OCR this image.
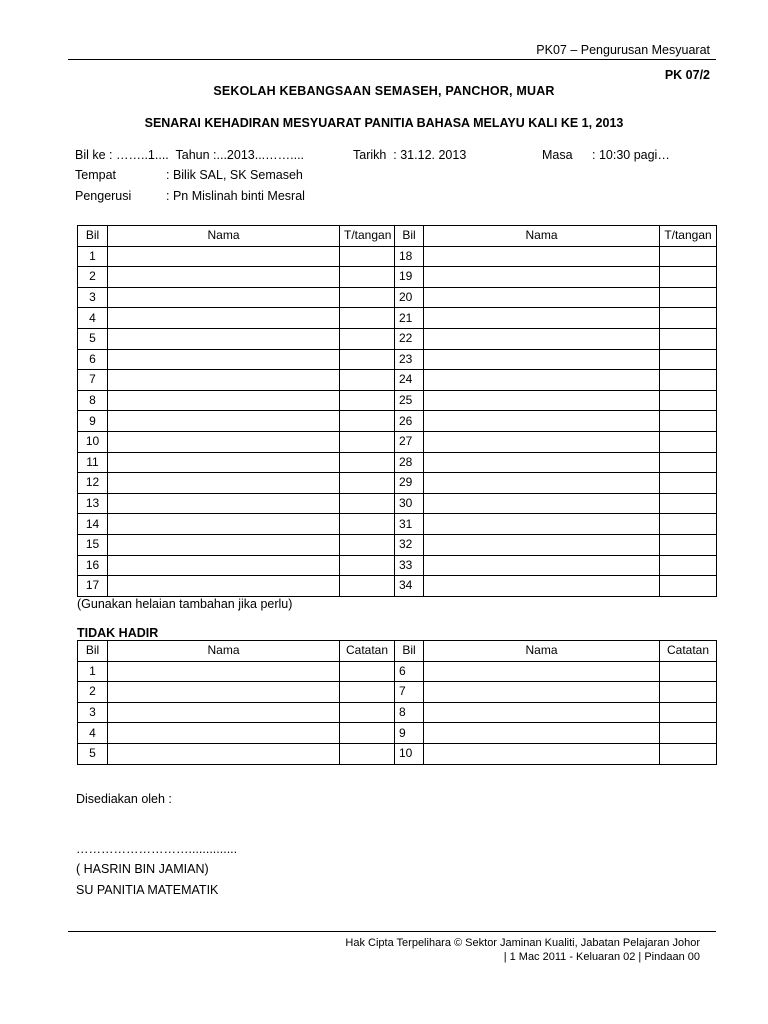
PK07 – Pengurusan Mesyuarat
PK 07/2
SEKOLAH KEBANGSAAN SEMASEH, PANCHOR, MUAR
SENARAI KEHADIRAN MESYUARAT PANITIA BAHASA MELAYU KALI KE 1, 2013
Bil ke : ……..1....  Tahun :...2013...……....	Tarikh  : 31.12. 2013	Masa : 10:30 pagi…
Tempat	: Bilik SAL, SK Semaseh
Pengerusi	: Pn Mislinah binti Mesral
Bil	Nama	T/tangan	Bil	Nama	T/tangan
1			18		
2			19		
3			20		
4			21		
5			22		
6			23		
7			24		
8			25		
9			26		
10			27		
11			28		
12			29		
13			30		
14			31		
15			32		
16			33		
17			34		
(Gunakan helaian tambahan jika perlu)
TIDAK HADIR
Bil	Nama	Catatan	Bil	Nama	Catatan
1			6		
2			7		
3			8		
4			9		
5			10		
Disediakan oleh :
………………………..............
( HASRIN BIN JAMIAN)
SU PANITIA MATEMATIK
Hak Cipta Terpelihara © Sektor Jaminan Kualiti, Jabatan Pelajaran Johor
| 1 Mac 2011 - Keluaran 02 | Pindaan 00
